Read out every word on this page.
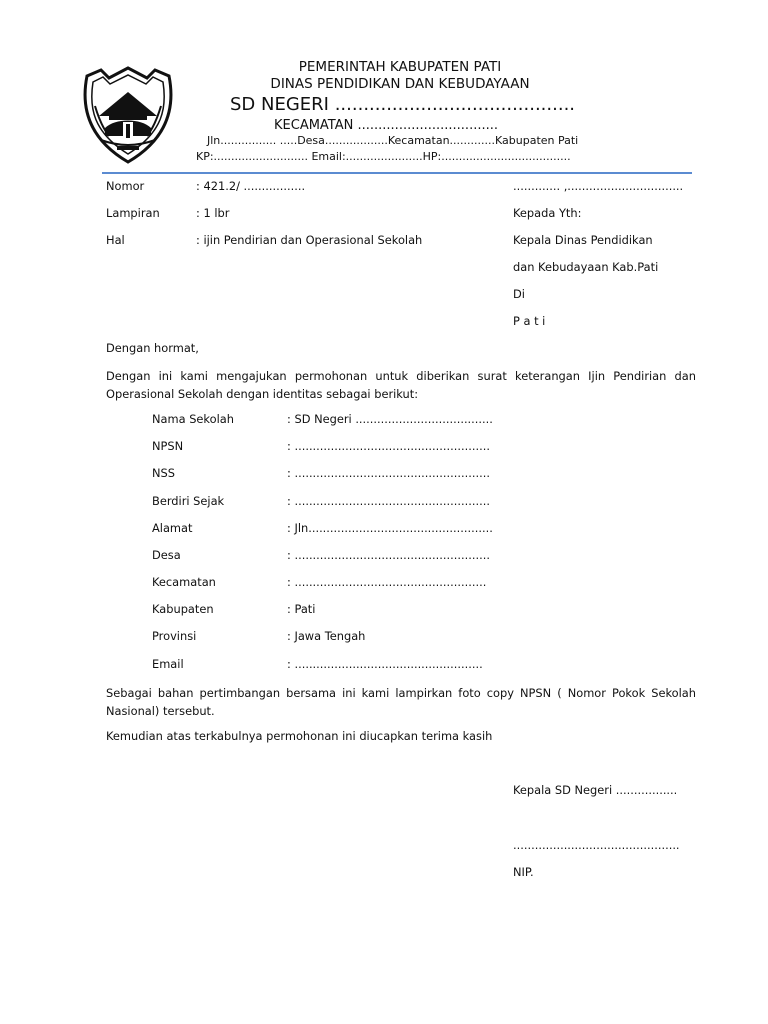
PEMERINTAH KABUPATEN PATI
DINAS PENDIDIKAN DAN KEBUDAYAAN
SD NEGERI ..........................................
KECAMATAN ..................................
Jln................ .....Desa..................Kecamatan.............Kabupaten Pati
KP:........................... Email:......................HP:.....................................
Nomor	: 421.2/ .................
Lampiran	: 1 lbr
Hal	: ijin Pendirian dan Operasional Sekolah
............. ,................................
Kepada Yth:
Kepala Dinas Pendidikan
dan Kebudayaan Kab.Pati
Di
P a t i
Dengan hormat,
Dengan ini kami mengajukan permohonan untuk diberikan surat keterangan Ijin Pendirian dan Operasional Sekolah dengan identitas sebagai berikut:
Nama Sekolah	: SD Negeri ......................................
NPSN	: ......................................................
NSS	: ......................................................
Berdiri Sejak	: ......................................................
Alamat	: Jln...................................................
Desa	: ......................................................
Kecamatan	: .....................................................
Kabupaten	: Pati
Provinsi	: Jawa Tengah
Email	: ....................................................
Sebagai bahan pertimbangan bersama ini kami lampirkan foto copy NPSN ( Nomor Pokok Sekolah Nasional) tersebut.
Kemudian atas terkabulnya permohonan ini diucapkan terima kasih
Kepala SD Negeri .................
..............................................
NIP.
